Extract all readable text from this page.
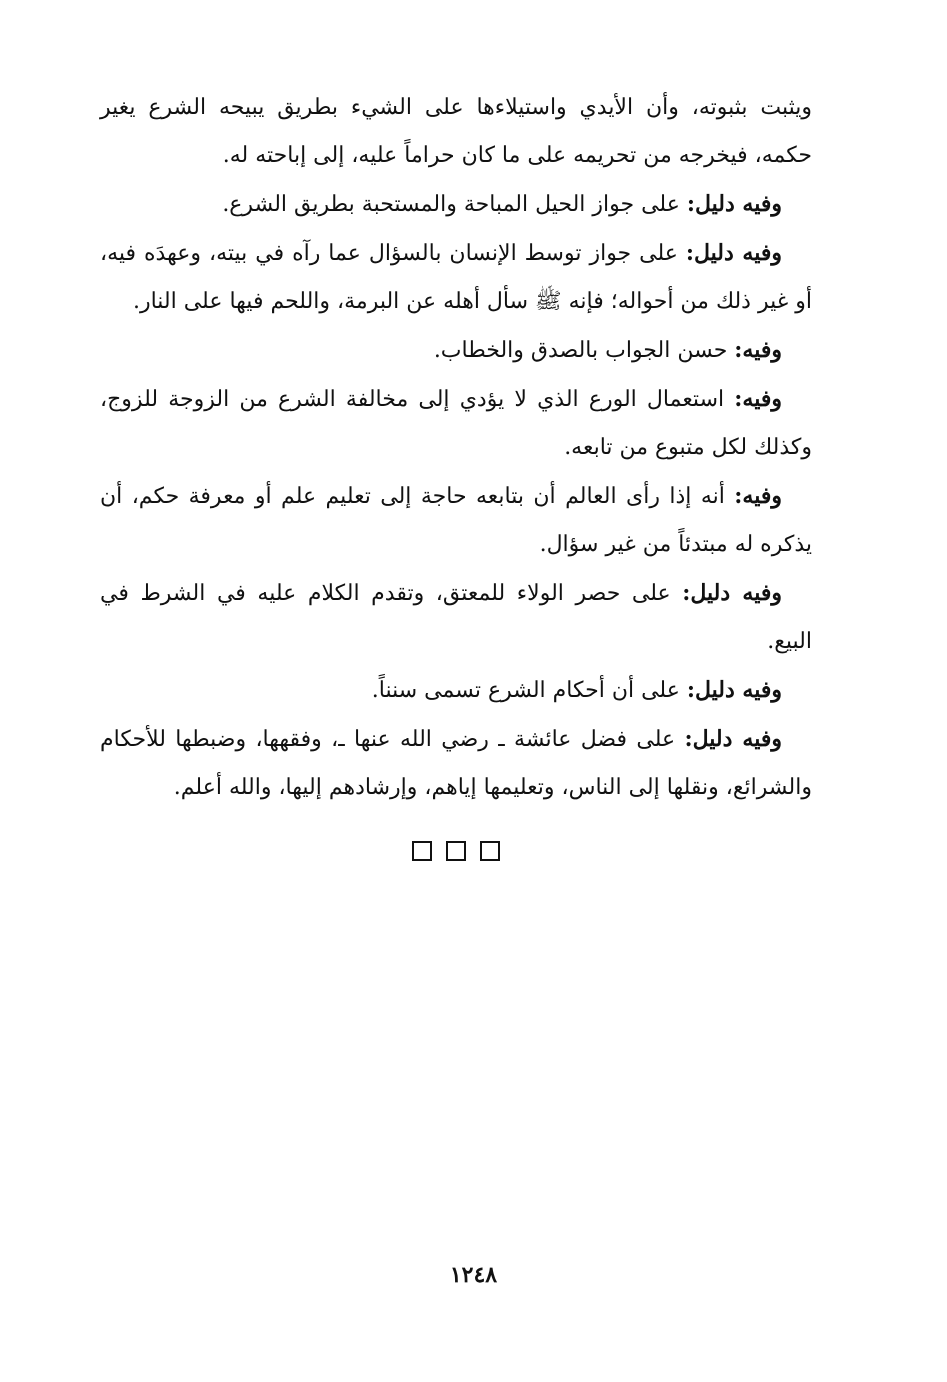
ويثبت بثبوته، وأن الأيدي واستيلاءها على الشيء بطريق يبيحه الشرع يغير حكمه، فيخرجه من تحريمه على ما كان حراماً عليه، إلى إباحته له.

وفيه دليل: على جواز الحيل المباحة والمستحبة بطريق الشرع.

وفيه دليل: على جواز توسط الإنسان بالسؤال عما رآه في بيته، وعهدَه فيه، أو غير ذلك من أحواله؛ فإنه ﷺ سأل أهله عن البرمة، واللحم فيها على النار.

وفيه: حسن الجواب بالصدق والخطاب.

وفيه: استعمال الورع الذي لا يؤدي إلى مخالفة الشرع من الزوجة للزوج، وكذلك لكل متبوع من تابعه.

وفيه: أنه إذا رأى العالم أن بتابعه حاجة إلى تعليم علم أو معرفة حكم، أن يذكره له مبتدئاً من غير سؤال.

وفيه دليل: على حصر الولاء للمعتق، وتقدم الكلام عليه في الشرط في البيع.

وفيه دليل: على أن أحكام الشرع تسمى سنناً.

وفيه دليل: على فضل عائشة ـ رضي الله عنها ـ، وفقهها، وضبطها للأحكام والشرائع، ونقلها إلى الناس، وتعليمها إياهم، وإرشادهم إليها، والله أعلم.

١٢٤٨
